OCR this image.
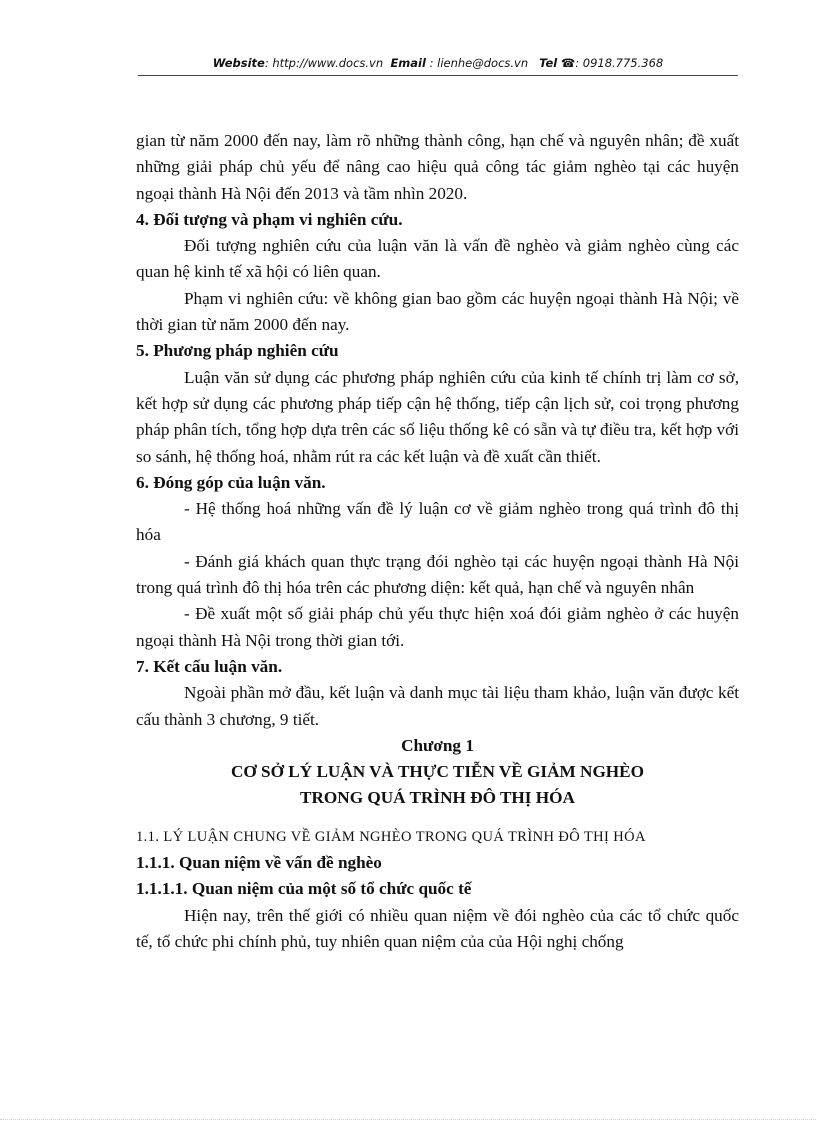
Website: http://www.docs.vn Email : lienhe@docs.vn Tel ☎: 0918.775.368

gian từ năm 2000 đến nay, làm rõ những thành công, hạn chế và nguyên nhân; đề xuất những giải pháp chủ yếu để nâng cao hiệu quả công tác giảm nghèo tại các huyện ngoại thành Hà Nội đến 2013 và tầm nhìn 2020.

4. Đối tượng và phạm vi nghiên cứu.

Đối tượng nghiên cứu của luận văn là vấn đề nghèo và giảm nghèo cùng các quan hệ kinh tế xã hội có liên quan.

Phạm vi nghiên cứu: về không gian bao gồm các huyện ngoại thành Hà Nội; về thời gian từ năm 2000 đến nay.

5. Phương pháp nghiên cứu

Luận văn sử dụng các phương pháp nghiên cứu của kinh tế chính trị làm cơ sở, kết hợp sử dụng các phương pháp tiếp cận hệ thống, tiếp cận lịch sử, coi trọng phương pháp phân tích, tổng hợp dựa trên các số liệu thống kê có sẵn và tự điều tra, kết hợp với so sánh, hệ thống hoá, nhằm rút ra các kết luận và đề xuất cần thiết.

6. Đóng góp của luận văn.

- Hệ thống hoá những vấn đề lý luận cơ về giảm nghèo trong quá trình đô thị hóa

- Đánh giá khách quan thực trạng đói nghèo tại các huyện ngoại thành Hà Nội trong quá trình đô thị hóa trên các phương diện: kết quả, hạn chế và nguyên nhân

- Đề xuất một số giải pháp chủ yếu thực hiện xoá đói giảm nghèo ở các huyện ngoại thành Hà Nội trong thời gian tới.

7. Kết cấu luận văn.

Ngoài phần mở đầu, kết luận và danh mục tài liệu tham khảo, luận văn được kết cấu thành 3 chương, 9 tiết.

Chương 1

CƠ SỞ LÝ LUẬN VÀ THỰC TIỄN VỀ GIẢM NGHÈO

TRONG QUÁ TRÌNH ĐÔ THỊ HÓA

1.1. LÝ LUẬN CHUNG VỀ GIẢM NGHÈO TRONG QUÁ TRÌNH ĐÔ THỊ HÓA

1.1.1. Quan niệm về vấn đề nghèo

1.1.1.1. Quan niệm của một số tổ chức quốc tế

Hiện nay, trên thế giới có nhiều quan niệm về đói nghèo của các tổ chức quốc tế, tổ chức phi chính phủ, tuy nhiên quan niệm của của Hội nghị chống
